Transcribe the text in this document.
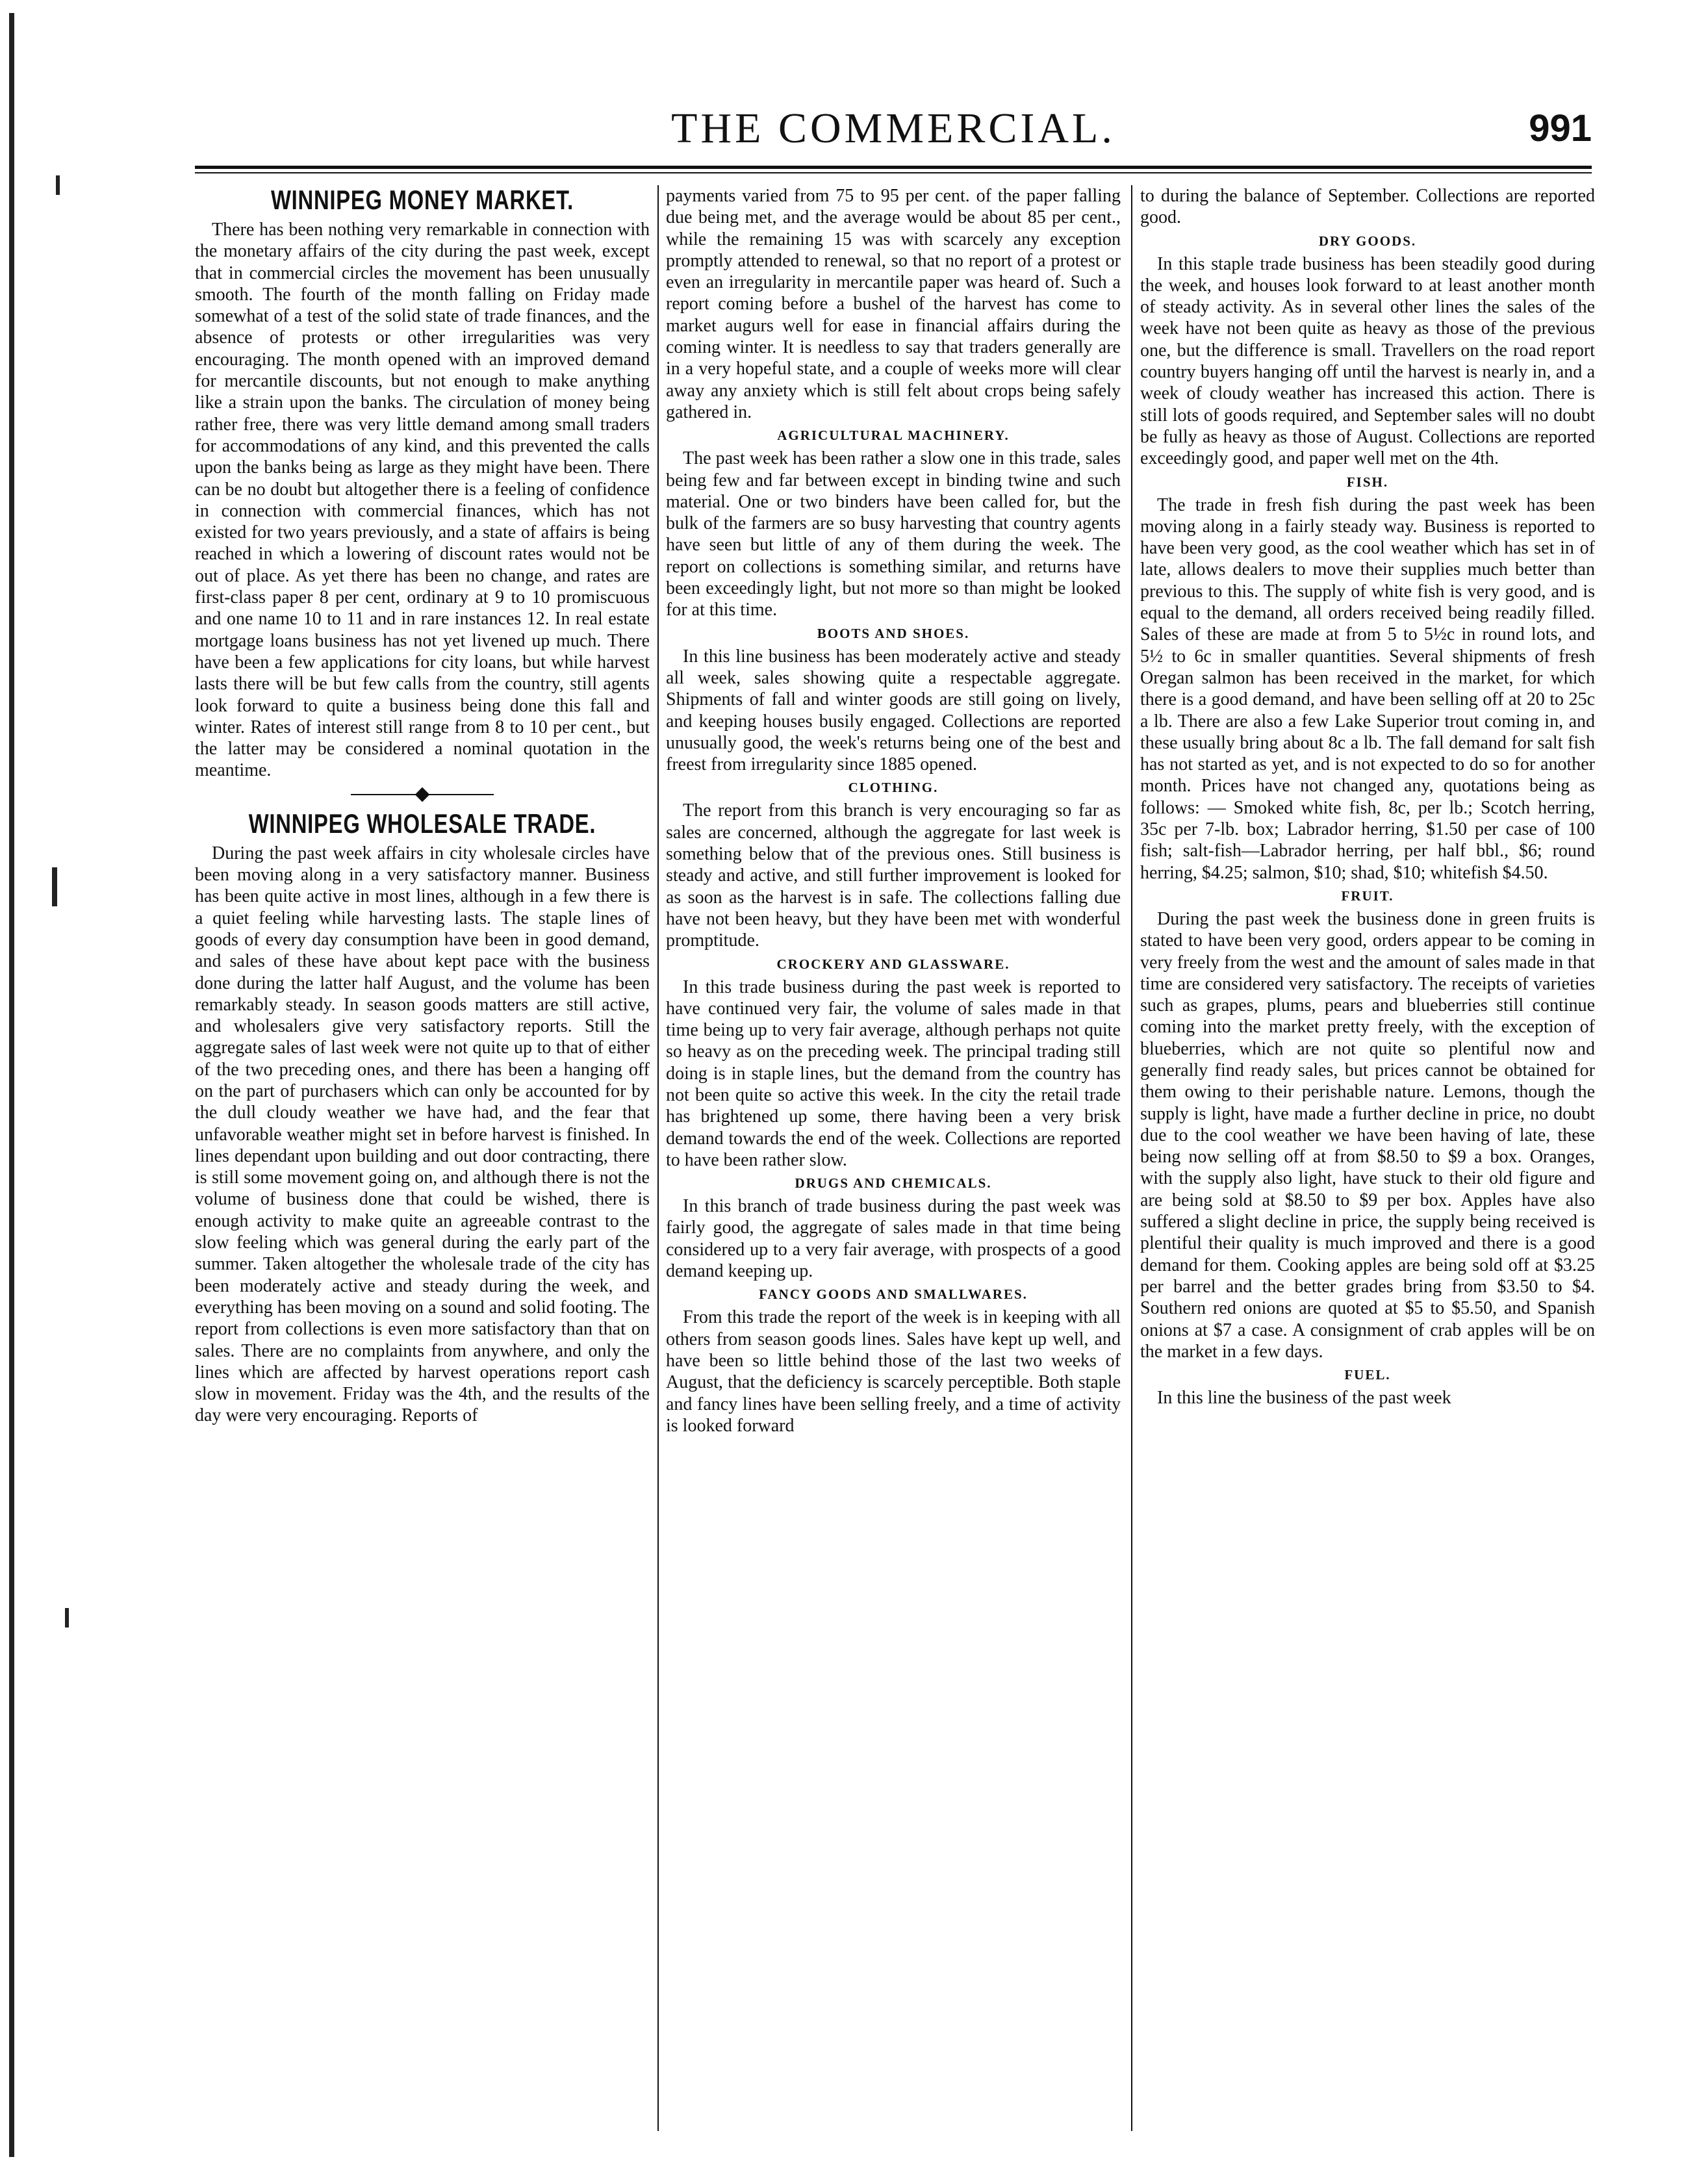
THE COMMERCIAL.	991
WINNIPEG MONEY MARKET.

There has been nothing very remarkable in connection with the monetary affairs of the city during the past week, except that in commercial circles the movement has been unusually smooth. The fourth of the month falling on Friday made somewhat of a test of the solid state of trade finances, and the absence of protests or other irregularities was very encouraging. The month opened with an improved demand for mercantile discounts, but not enough to make anything like a strain upon the banks. The circulation of money being rather free, there was very little demand among small traders for accommodations of any kind, and this prevented the calls upon the banks being as large as they might have been. There can be no doubt but altogether there is a feeling of confidence in connection with commercial finances, which has not existed for two years previously, and a state of affairs is being reached in which a lowering of discount rates would not be out of place. As yet there has been no change, and rates are first-class paper 8 per cent, ordinary at 9 to 10 promiscuous and one name 10 to 11 and in rare instances 12. In real estate mortgage loans business has not yet livened up much. There have been a few applications for city loans, but while harvest lasts there will be but few calls from the country, still agents look forward to quite a business being done this fall and winter. Rates of interest still range from 8 to 10 per cent., but the latter may be considered a nominal quotation in the meantime.

WINNIPEG WHOLESALE TRADE.

During the past week affairs in city wholesale circles have been moving along in a very satisfactory manner. Business has been quite active in most lines, although in a few there is a quiet feeling while harvesting lasts. The staple lines of goods of every day consumption have been in good demand, and sales of these have about kept pace with the business done during the latter half August, and the volume has been remarkably steady. In season goods matters are still active, and wholesalers give very satisfactory reports. Still the aggregate sales of last week were not quite up to that of either of the two preceding ones, and there has been a hanging off on the part of purchasers which can only be accounted for by the dull cloudy weather we have had, and the fear that unfavorable weather might set in before harvest is finished. In lines dependant upon building and out door contracting, there is still some movement going on, and although there is not the volume of business done that could be wished, there is enough activity to make quite an agreeable contrast to the slow feeling which was general during the early part of the summer. Taken altogether the wholesale trade of the city has been moderately active and steady during the week, and everything has been moving on a sound and solid footing. The report from collections is even more satisfactory than that on sales. There are no complaints from anywhere, and only the lines which are affected by harvest operations report cash slow in movement. Friday was the 4th, and the results of the day were very encouraging. Reports of

payments varied from 75 to 95 per cent. of the paper falling due being met, and the average would be about 85 per cent., while the remaining 15 was with scarcely any exception promptly attended to renewal, so that no report of a protest or even an irregularity in mercantile paper was heard of. Such a report coming before a bushel of the harvest has come to market augurs well for ease in financial affairs during the coming winter. It is needless to say that traders generally are in a very hopeful state, and a couple of weeks more will clear away any anxiety which is still felt about crops being safely gathered in.

AGRICULTURAL MACHINERY.

The past week has been rather a slow one in this trade, sales being few and far between except in binding twine and such material. One or two binders have been called for, but the bulk of the farmers are so busy harvesting that country agents have seen but little of any of them during the week. The report on collections is something similar, and returns have been exceedingly light, but not more so than might be looked for at this time.

BOOTS AND SHOES.

In this line business has been moderately active and steady all week, sales showing quite a respectable aggregate. Shipments of fall and winter goods are still going on lively, and keeping houses busily engaged. Collections are reported unusually good, the week's returns being one of the best and freest from irregularity since 1885 opened.

CLOTHING.

The report from this branch is very encouraging so far as sales are concerned, although the aggregate for last week is something below that of the previous ones. Still business is steady and active, and still further improvement is looked for as soon as the harvest is in safe. The collections falling due have not been heavy, but they have been met with wonderful promptitude.

CROCKERY AND GLASSWARE.

In this trade business during the past week is reported to have continued very fair, the volume of sales made in that time being up to very fair average, although perhaps not quite so heavy as on the preceding week. The principal trading still doing is in staple lines, but the demand from the country has not been quite so active this week. In the city the retail trade has brightened up some, there having been a very brisk demand towards the end of the week. Collections are reported to have been rather slow.

DRUGS AND CHEMICALS.

In this branch of trade business during the past week was fairly good, the aggregate of sales made in that time being considered up to a very fair average, with prospects of a good demand keeping up.

FANCY GOODS AND SMALLWARES.

From this trade the report of the week is in keeping with all others from season goods lines. Sales have kept up well, and have been so little behind those of the last two weeks of August, that the deficiency is scarcely perceptible. Both staple and fancy lines have been selling freely, and a time of activity is looked forward

to during the balance of September. Collections are reported good.

DRY GOODS.

In this staple trade business has been steadily good during the week, and houses look forward to at least another month of steady activity. As in several other lines the sales of the week have not been quite as heavy as those of the previous one, but the difference is small. Travellers on the road report country buyers hanging off until the harvest is nearly in, and a week of cloudy weather has increased this action. There is still lots of goods required, and September sales will no doubt be fully as heavy as those of August. Collections are reported exceedingly good, and paper well met on the 4th.

FISH.

The trade in fresh fish during the past week has been moving along in a fairly steady way. Business is reported to have been very good, as the cool weather which has set in of late, allows dealers to move their supplies much better than previous to this. The supply of white fish is very good, and is equal to the demand, all orders received being readily filled. Sales of these are made at from 5 to 5½c in round lots, and 5½ to 6c in smaller quantities. Several shipments of fresh Oregan salmon has been received in the market, for which there is a good demand, and have been selling off at 20 to 25c a lb. There are also a few Lake Superior trout coming in, and these usually bring about 8c a lb. The fall demand for salt fish has not started as yet, and is not expected to do so for another month. Prices have not changed any, quotations being as follows: — Smoked white fish, 8c, per lb.; Scotch herring, 35c per 7-lb. box; Labrador herring, $1.50 per case of 100 fish; salt-fish—Labrador herring, per half bbl., $6; round herring, $4.25; salmon, $10; shad, $10; whitefish $4.50.

FRUIT.

During the past week the business done in green fruits is stated to have been very good, orders appear to be coming in very freely from the west and the amount of sales made in that time are considered very satisfactory. The receipts of varieties such as grapes, plums, pears and blueberries still continue coming into the market pretty freely, with the exception of blueberries, which are not quite so plentiful now and generally find ready sales, but prices cannot be obtained for them owing to their perishable nature. Lemons, though the supply is light, have made a further decline in price, no doubt due to the cool weather we have been having of late, these being now selling off at from $8.50 to $9 a box. Oranges, with the supply also light, have stuck to their old figure and are being sold at $8.50 to $9 per box. Apples have also suffered a slight decline in price, the supply being received is plentiful their quality is much improved and there is a good demand for them. Cooking apples are being sold off at $3.25 per barrel and the better grades bring from $3.50 to $4. Southern red onions are quoted at $5 to $5.50, and Spanish onions at $7 a case. A consignment of crab apples will be on the market in a few days.

FUEL.

In this line the business of the past week
